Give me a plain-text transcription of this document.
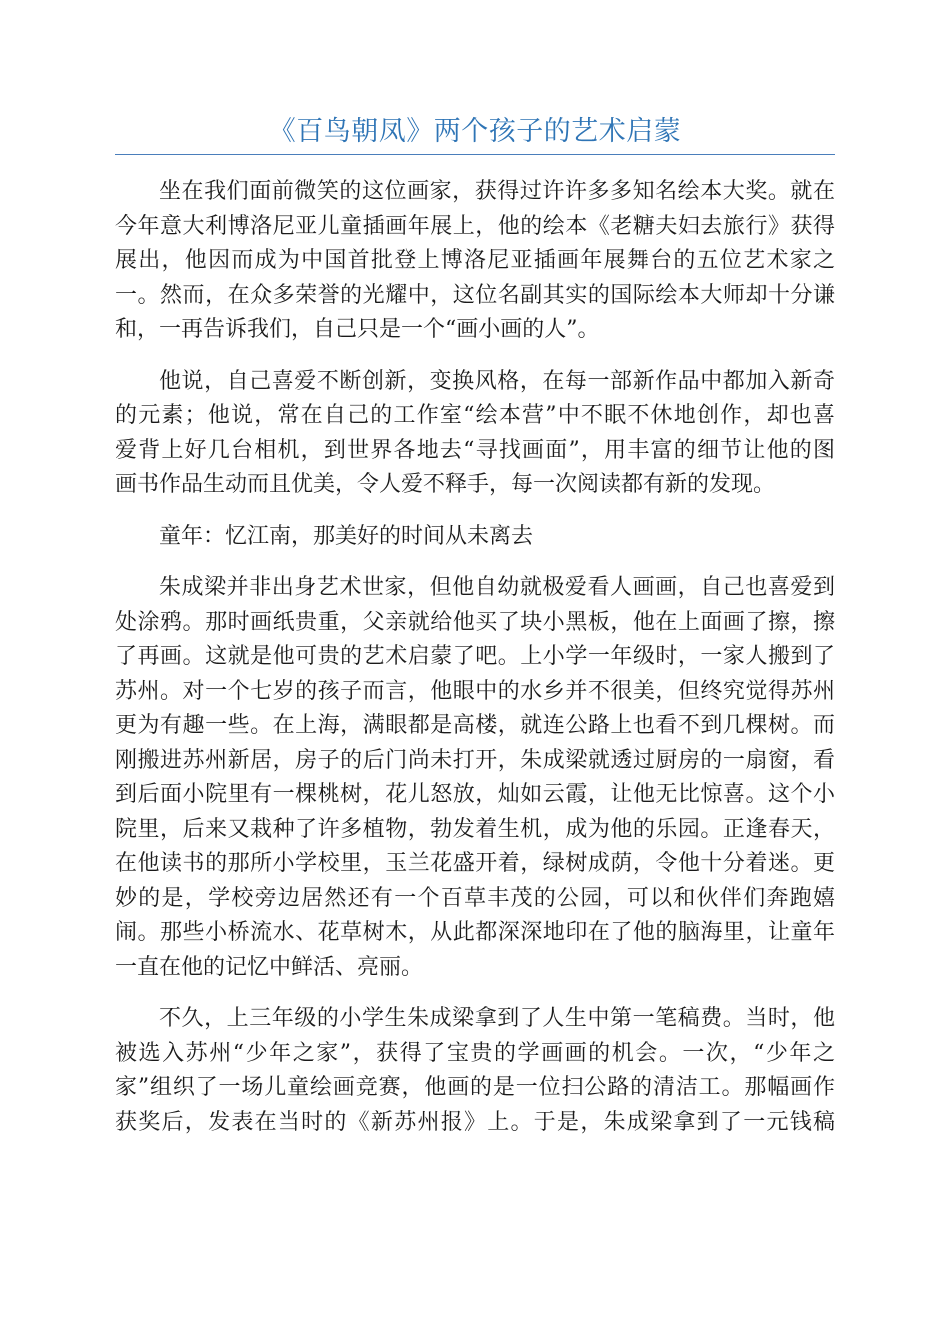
《百鸟朝凤》两个孩子的艺术启蒙
坐在我们面前微笑的这位画家，获得过许许多多知名绘本大奖。就在
今年意大利博洛尼亚儿童插画年展上，他的绘本《老糖夫妇去旅行》获得
展出，他因而成为中国首批登上博洛尼亚插画年展舞台的五位艺术家之
一。然而，在众多荣誉的光耀中，这位名副其实的国际绘本大师却十分谦
和，一再告诉我们，自己只是一个“画小画的人”。
他说，自己喜爱不断创新，变换风格，在每一部新作品中都加入新奇
的元素；他说，常在自己的工作室“绘本营”中不眠不休地创作，却也喜
爱背上好几台相机，到世界各地去“寻找画面”，用丰富的细节让他的图
画书作品生动而且优美，令人爱不释手，每一次阅读都有新的发现。
童年：忆江南，那美好的时间从未离去
朱成梁并非出身艺术世家，但他自幼就极爱看人画画，自己也喜爱到
处涂鸦。那时画纸贵重，父亲就给他买了块小黑板，他在上面画了擦，擦
了再画。这就是他可贵的艺术启蒙了吧。上小学一年级时，一家人搬到了
苏州。对一个七岁的孩子而言，他眼中的水乡并不很美，但终究觉得苏州
更为有趣一些。在上海，满眼都是高楼，就连公路上也看不到几棵树。而
刚搬进苏州新居，房子的后门尚未打开，朱成梁就透过厨房的一扇窗，看
到后面小院里有一棵桃树，花儿怒放，灿如云霞，让他无比惊喜。这个小
院里，后来又栽种了许多植物，勃发着生机，成为他的乐园。正逢春天，
在他读书的那所小学校里，玉兰花盛开着，绿树成荫，令他十分着迷。更
妙的是，学校旁边居然还有一个百草丰茂的公园，可以和伙伴们奔跑嬉
闹。那些小桥流水、花草树木，从此都深深地印在了他的脑海里，让童年
一直在他的记忆中鲜活、亮丽。
不久，上三年级的小学生朱成梁拿到了人生中第一笔稿费。当时，他
被选入苏州“少年之家”，获得了宝贵的学画画的机会。一次，“少年之
家”组织了一场儿童绘画竞赛，他画的是一位扫公路的清洁工。那幅画作
获奖后，发表在当时的《新苏州报》上。于是，朱成梁拿到了一元钱稿
